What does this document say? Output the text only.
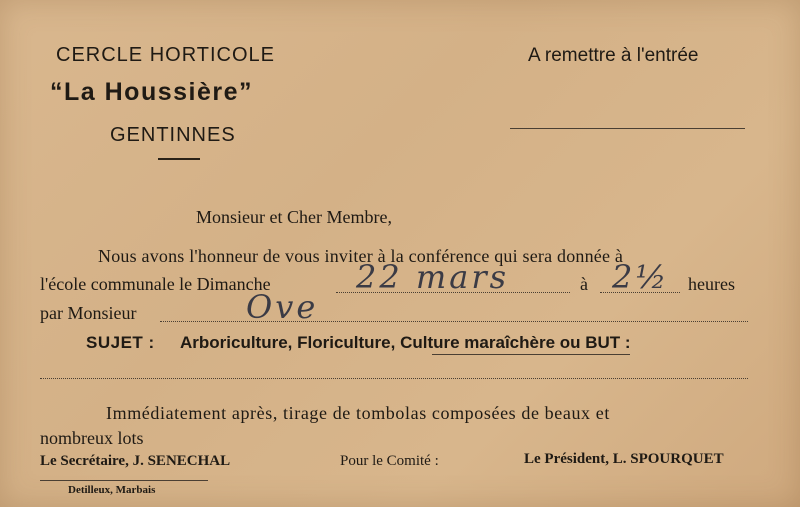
CERCLE HORTICOLE
“La Houssière”
GENTINNES
A remettre à l'entrée
Monsieur et Cher Membre,
Nous avons l'honneur de vous inviter à la conférence qui sera donnée à
l'école communale le Dimanche	22 mars	à 2½ heures
par Monsieur	Ove
SUJET : Arboriculture, Floriculture, Culture maraîchère ou BUT :
Immédiatement après, tirage de tombolas composées de beaux et
nombreux lots
Le Secrétaire, J. SENECHAL	Pour le Comité :	Le Président, L. SPOURQUET
Detilleux, Marbais
